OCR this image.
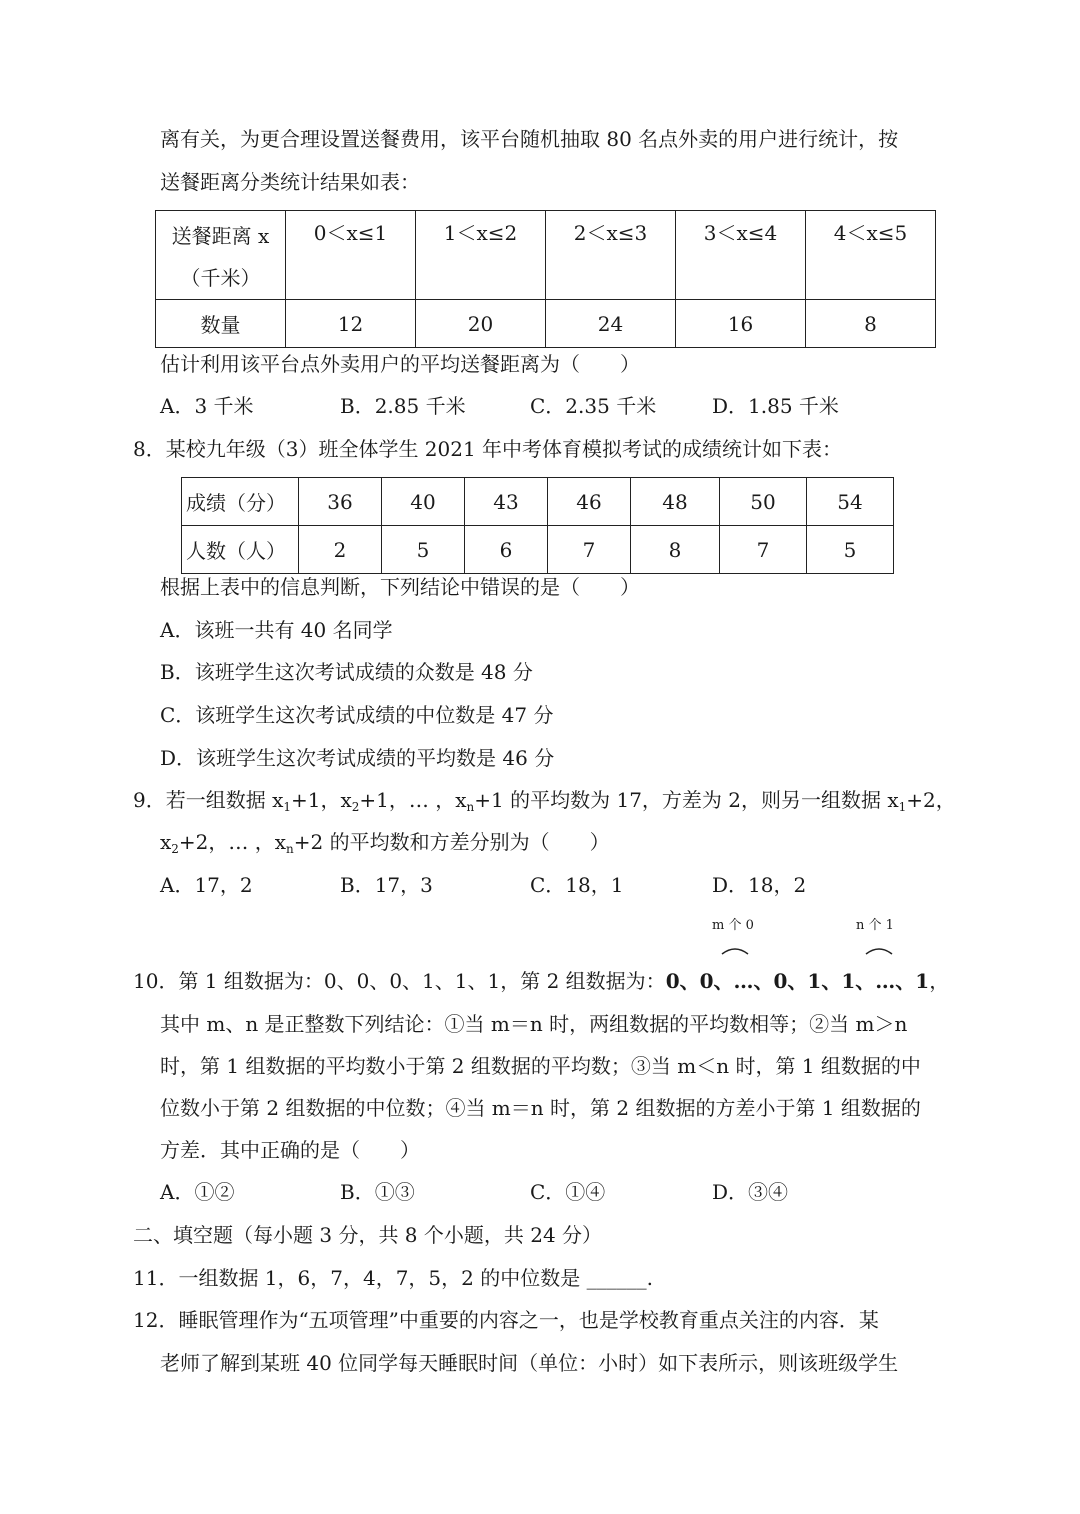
离有关，为更合理设置送餐费用，该平台随机抽取 80 名点外卖的用户进行统计，按
送餐距离分类统计结果如表：
送餐距离 x
（千米）	0＜x≤1	1＜x≤2	2＜x≤3	3＜x≤4	4＜x≤5
数量	12	20	24	16	8
估计利用该平台点外卖用户的平均送餐距离为（　　）
A．3 千米	B．2.85 千米	C．2.35 千米	D．1.85 千米
8．某校九年级（3）班全体学生 2021 年中考体育模拟考试的成绩统计如下表：
成绩（分）	36	40	43	46	48	50	54
人数（人）	2	5	6	7	8	7	5
根据上表中的信息判断，下列结论中错误的是（　　）
A．该班一共有 40 名同学
B．该班学生这次考试成绩的众数是 48 分
C．该班学生这次考试成绩的中位数是 47 分
D．该班学生这次考试成绩的平均数是 46 分
9．若一组数据 $x_1+1$，$x_2+1$，… ，$x_n+1$ 的平均数为 17，方差为 2，则另一组数据 $x_1+2$，
$x_2+2$，… ，$x_n+2$ 的平均数和方差分别为（　　）
A．17，2	B．17，3	C．18，1	D．18，2
m 个 0	n 个 1
10．第 1 组数据为：0、0、0、1、1、1，第 2 组数据为：0、0、…、0、1、1、…、1，
其中 m、n 是正整数下列结论：①当 m＝n 时，两组数据的平均数相等；②当 m＞n
时，第 1 组数据的平均数小于第 2 组数据的平均数；③当 m＜n 时，第 1 组数据的中
位数小于第 2 组数据的中位数；④当 m＝n 时，第 2 组数据的方差小于第 1 组数据的
方差．其中正确的是（　　）
A．①②	B．①③	C．①④	D．③④
二、填空题（每小题 3 分，共 8 个小题，共 24 分）
11．一组数据 1，6，7，4，7，5，2 的中位数是 ______.
12．睡眠管理作为“五项管理”中重要的内容之一，也是学校教育重点关注的内容．某
老师了解到某班 40 位同学每天睡眠时间（单位：小时）如下表所示，则该班级学生
